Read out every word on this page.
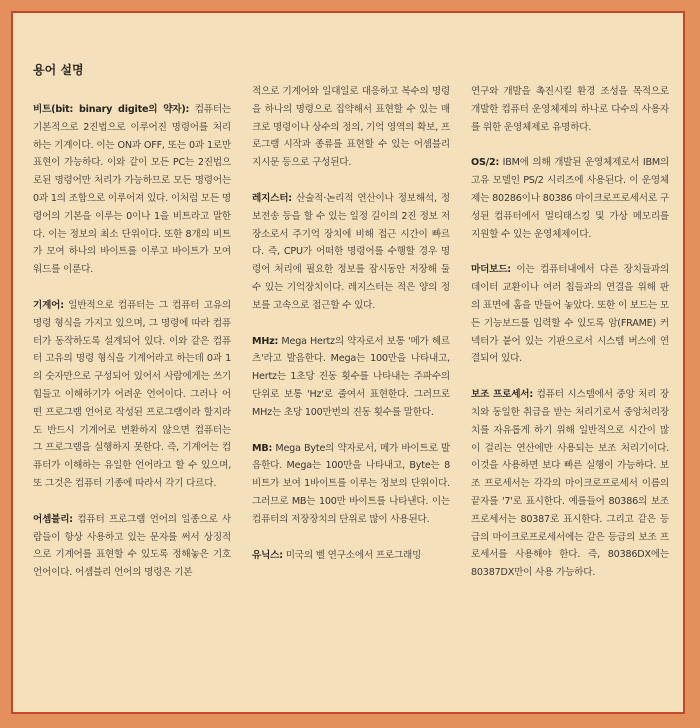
용어 설명

비트(bit: binary digite의 약자): 컴퓨터는 기본적으로 2진법으로 이루어진 명령어를 처리하는 기계이다. 이는 ON과 OFF, 또는 0과 1로만 표현이 가능하다. 이와 같이 모든 PC는 2진법으로된 명령어만 처리가 가능하므로 모든 명령어는 0과 1의 조합으로 이루어져 있다. 이처럼 모든 명령어의 기본을 이루는 0이나 1을 비트라고 말한다. 이는 정보의 최소 단위이다. 또한 8개의 비트가 모여 하나의 바이트를 이루고 바이트가 모여 워드를 이룬다.

기계어: 일반적으로 컴퓨터는 그 컴퓨터 고유의 명령 형식을 가지고 있으며, 그 명령에 따라 컴퓨터가 동작하도록 설계되어 있다. 이와 같은 컴퓨터 고유의 명령 형식을 기계어라고 하는데 0과 1의 숫자만으로 구성되어 있어서 사람에게는 쓰기 힘들고 이해하기가 어려운 언어이다. 그러나 어떤 프로그램 언어로 작성된 프로그램이라 할지라도 반드시 기계어로 변환하지 않으면 컴퓨터는 그 프로그램을 실행하지 못한다. 즉, 기계어는 컴퓨터가 이해하는 유일한 언어라고 할 수 있으며, 또 그것은 컴퓨터 기종에 따라서 각기 다르다.

어셈블리: 컴퓨터 프로그램 언어의 일종으로 사람들이 항상 사용하고 있는 문자를 써서 상징적으로 기계어를 표현할 수 있도록 정해놓은 기호 언어이다. 어셈블리 언어의 명령은 기본

적으로 기계어와 일대일로 대응하고 복수의 명령을 하나의 명령으로 집약해서 표현할 수 있는 매크로 명령이나 상수의 정의, 기억 영역의 확보, 프로그램 시작과 종류를 표현할 수 있는 어셈블리 지시문 등으로 구성된다.

레지스터: 산술적·논리적 연산이나 정보해석, 정보전송 등을 할 수 있는 일정 길이의 2진 정보 저장소로서 주기억 장치에 비해 접근 시간이 빠르다. 즉, CPU가 어떠한 명령어를 수행할 경우 명령어 처리에 필요한 정보를 잠시동안 저장해 둘 수 있는 기억장치이다. 레지스터는 적은 양의 정보를 고속으로 접근할 수 있다.

MHz: Mega Hertz의 약자로서 보통 '메가 헤르츠'라고 발음한다. Mega는 100만을 나타내고, Hertz는 1초당 진동 횟수를 나타내는 주파수의 단위로 보통 'Hz'로 줄여서 표현한다. 그러므로 MHz는 초당 100만번의 진동 횟수를 말한다.

MB: Mega Byte의 약자로서, 메가 바이트로 발음한다. Mega는 100만을 나타내고, Byte는 8비트가 보여 1바이트를 이루는 정보의 단위이다. 그러므로 MB는 100만 바이트를 나타낸다. 이는 컴퓨터의 저장장치의 단위로 많이 사용된다.

유닉스: 미국의 벨 연구소에서 프로그래밍

연구와 개발을 촉진시킬 환경 조성을 목적으로 개발한 컴퓨터 운영체제의 하나로 다수의 사용자를 위한 운영체제로 유명하다.

OS/2: IBM에 의해 개발된 운영체제로서 IBM의 고유 모델인 PS/2 시리즈에 사용된다. 이 운영체제는 80286이나 80386 마이크로프로세서로 구성된 컴퓨터에서 멀티태스킹 및 가상 메모리를 지원할 수 있는 운영체제이다.

마더보드: 이는 컴퓨터내에서 다른 장치들과의 데이터 교환이나 여러 칩들과의 연결을 위해 판의 표면에 홈을 만들어 놓았다. 또한 이 보드는 모든 기능보드를 입력할 수 있도록 암(FRAME) 커넥터가 붙어 있는 기판으로서 시스템 버스에 연결되어 있다.

보조 프로세서: 컴퓨터 시스템에서 중앙 처리 장치와 동일한 취급을 받는 처리기로서 중앙처리장치를 자유롭게 하기 위해 일반적으로 시간이 많이 걸리는 연산에만 사용되는 보조 처리기이다. 이것을 사용하면 보다 빠른 실행이 가능하다. 보조 프로세서는 각각의 마이크로프로세서 이름의 끝자를 '7'로 표시한다. 예를들어 80386의 보조 프로세서는 80387로 표시한다. 그리고 같은 등급의 마이크로프로세서에는 같은 등급의 보조 프로세서를 사용해야 한다. 즉, 80386DX에는 80387DX만이 사용 가능하다.
